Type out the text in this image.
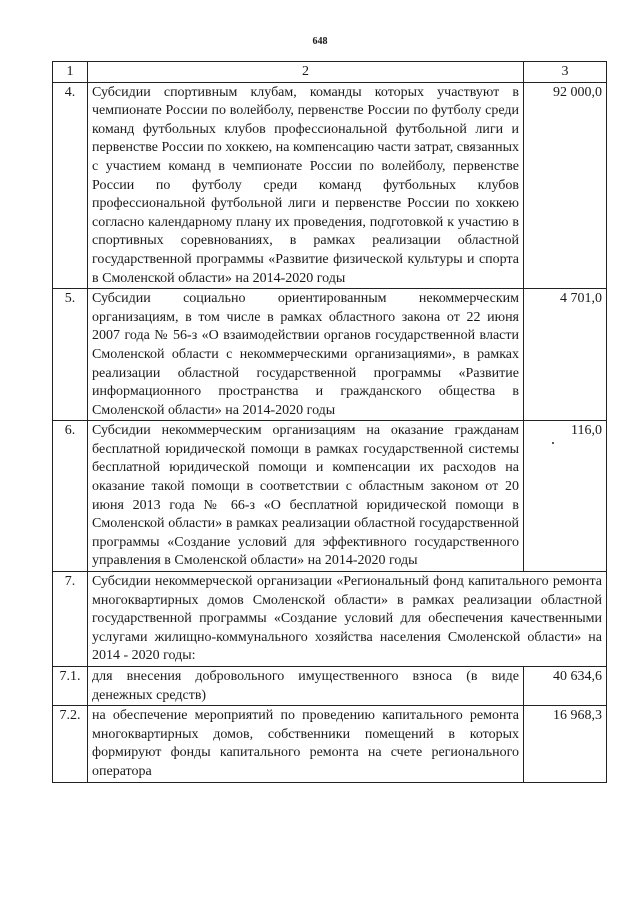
648
1	2	3
4.	Субсидии спортивным клубам, команды которых участвуют в чемпионате России по волейболу, первенстве России по футболу среди команд футбольных клубов профессиональной футбольной лиги и первенстве России по хоккею, на компенсацию части затрат, связанных с участием команд в чемпионате России по волейболу, первенстве России по футболу среди команд футбольных клубов профессиональной футбольной лиги и первенстве России по хоккею согласно календарному плану их проведения, подготовкой к участию в спортивных соревнованиях, в рамках реализации областной государственной программы «Развитие физической культуры и спорта в Смоленской области» на 2014-2020 годы	92 000,0
5.	Субсидии социально ориентированным некоммерческим организациям, в том числе в рамках областного закона от 22 июня 2007 года № 56-з «О взаимодействии органов государственной власти Смоленской области с некоммерческими организациями», в рамках реализации областной государственной программы «Развитие информационного пространства и гражданского общества в Смоленской области» на 2014-2020 годы	4 701,0
6.	Субсидии некоммерческим организациям на оказание гражданам бесплатной юридической помощи в рамках государственной системы бесплатной юридической помощи и компенсации их расходов на оказание такой помощи в соответствии с областным законом от 20 июня 2013 года № 66-з «О бесплатной юридической помощи в Смоленской области» в рамках реализации областной государственной программы «Создание условий для эффективного государственного управления в Смоленской области» на 2014-2020 годы	116,0
7.	Субсидии некоммерческой организации «Региональный фонд капитального ремонта многоквартирных домов Смоленской области» в рамках реализации областной государственной программы «Создание условий для обеспечения качественными услугами жилищно-коммунального хозяйства населения Смоленской области» на 2014 - 2020 годы:	
7.1.	для внесения добровольного имущественного взноса (в виде денежных средств)	40 634,6
7.2.	на обеспечение мероприятий по проведению капитального ремонта многоквартирных домов, собственники помещений в которых формируют фонды капитального ремонта на счете регионального оператора	16 968,3
